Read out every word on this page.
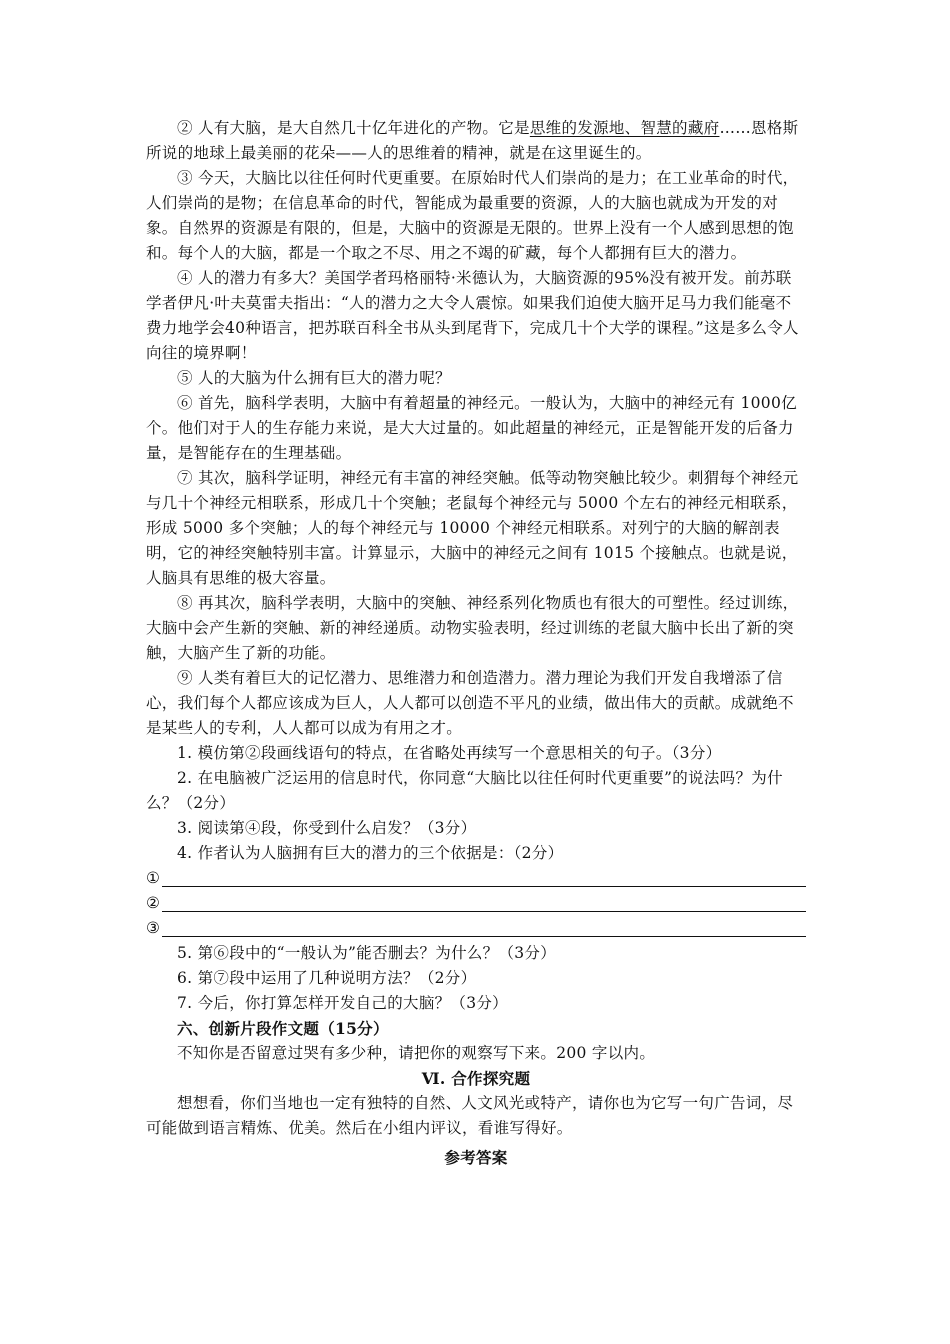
② 人有大脑，是大自然几十亿年进化的产物。它是思维的发源地、智慧的藏府……恩格斯所说的地球上最美丽的花朵——人的思维着的精神，就是在这里诞生的。

③ 今天，大脑比以往任何时代更重要。在原始时代人们崇尚的是力；在工业革命的时代，人们崇尚的是物；在信息革命的时代，智能成为最重要的资源，人的大脑也就成为开发的对象。自然界的资源是有限的，但是，大脑中的资源是无限的。世界上没有一个人感到思想的饱和。每个人的大脑，都是一个取之不尽、用之不竭的矿藏，每个人都拥有巨大的潜力。

④ 人的潜力有多大？美国学者玛格丽特·米德认为，大脑资源的95%没有被开发。前苏联学者伊凡·叶夫莫雷夫指出：“人的潜力之大令人震惊。如果我们迫使大脑开足马力我们能毫不费力地学会40种语言，把苏联百科全书从头到尾背下，完成几十个大学的课程。”这是多么令人向往的境界啊！

⑤ 人的大脑为什么拥有巨大的潜力呢？

⑥ 首先，脑科学表明，大脑中有着超量的神经元。一般认为，大脑中的神经元有 1000亿个。他们对于人的生存能力来说，是大大过量的。如此超量的神经元，正是智能开发的后备力量，是智能存在的生理基础。

⑦ 其次，脑科学证明，神经元有丰富的神经突触。低等动物突触比较少。刺猬每个神经元与几十个神经元相联系，形成几十个突触；老鼠每个神经元与 5000 个左右的神经元相联系，形成 5000 多个突触；人的每个神经元与 10000 个神经元相联系。对列宁的大脑的解剖表明，它的神经突触特别丰富。计算显示，大脑中的神经元之间有 1015 个接触点。也就是说，人脑具有思维的极大容量。

⑧ 再其次，脑科学表明，大脑中的突触、神经系列化物质也有很大的可塑性。经过训练，大脑中会产生新的突触、新的神经递质。动物实验表明，经过训练的老鼠大脑中长出了新的突触，大脑产生了新的功能。

⑨ 人类有着巨大的记忆潜力、思维潜力和创造潜力。潜力理论为我们开发自我增添了信心，我们每个人都应该成为巨人，人人都可以创造不平凡的业绩，做出伟大的贡献。成就绝不是某些人的专利，人人都可以成为有用之才。

1. 模仿第②段画线语句的特点，在省略处再续写一个意思相关的句子。（3分）

2. 在电脑被广泛运用的信息时代，你同意“大脑比以往任何时代更重要”的说法吗？为什么？（2分）

3. 阅读第④段，你受到什么启发？（3分）

4. 作者认为人脑拥有巨大的潜力的三个依据是：（2分）

①
②
③

5. 第⑥段中的“一般认为”能否删去？为什么？（3分）

6. 第⑦段中运用了几种说明方法？（2分）

7. 今后，你打算怎样开发自己的大脑？（3分）

六、创新片段作文题（15分）

不知你是否留意过哭有多少种，请把你的观察写下来。200 字以内。

Ⅵ. 合作探究题

想想看，你们当地也一定有独特的自然、人文风光或特产，请你也为它写一句广告词，尽可能做到语言精炼、优美。然后在小组内评议，看谁写得好。

参考答案
